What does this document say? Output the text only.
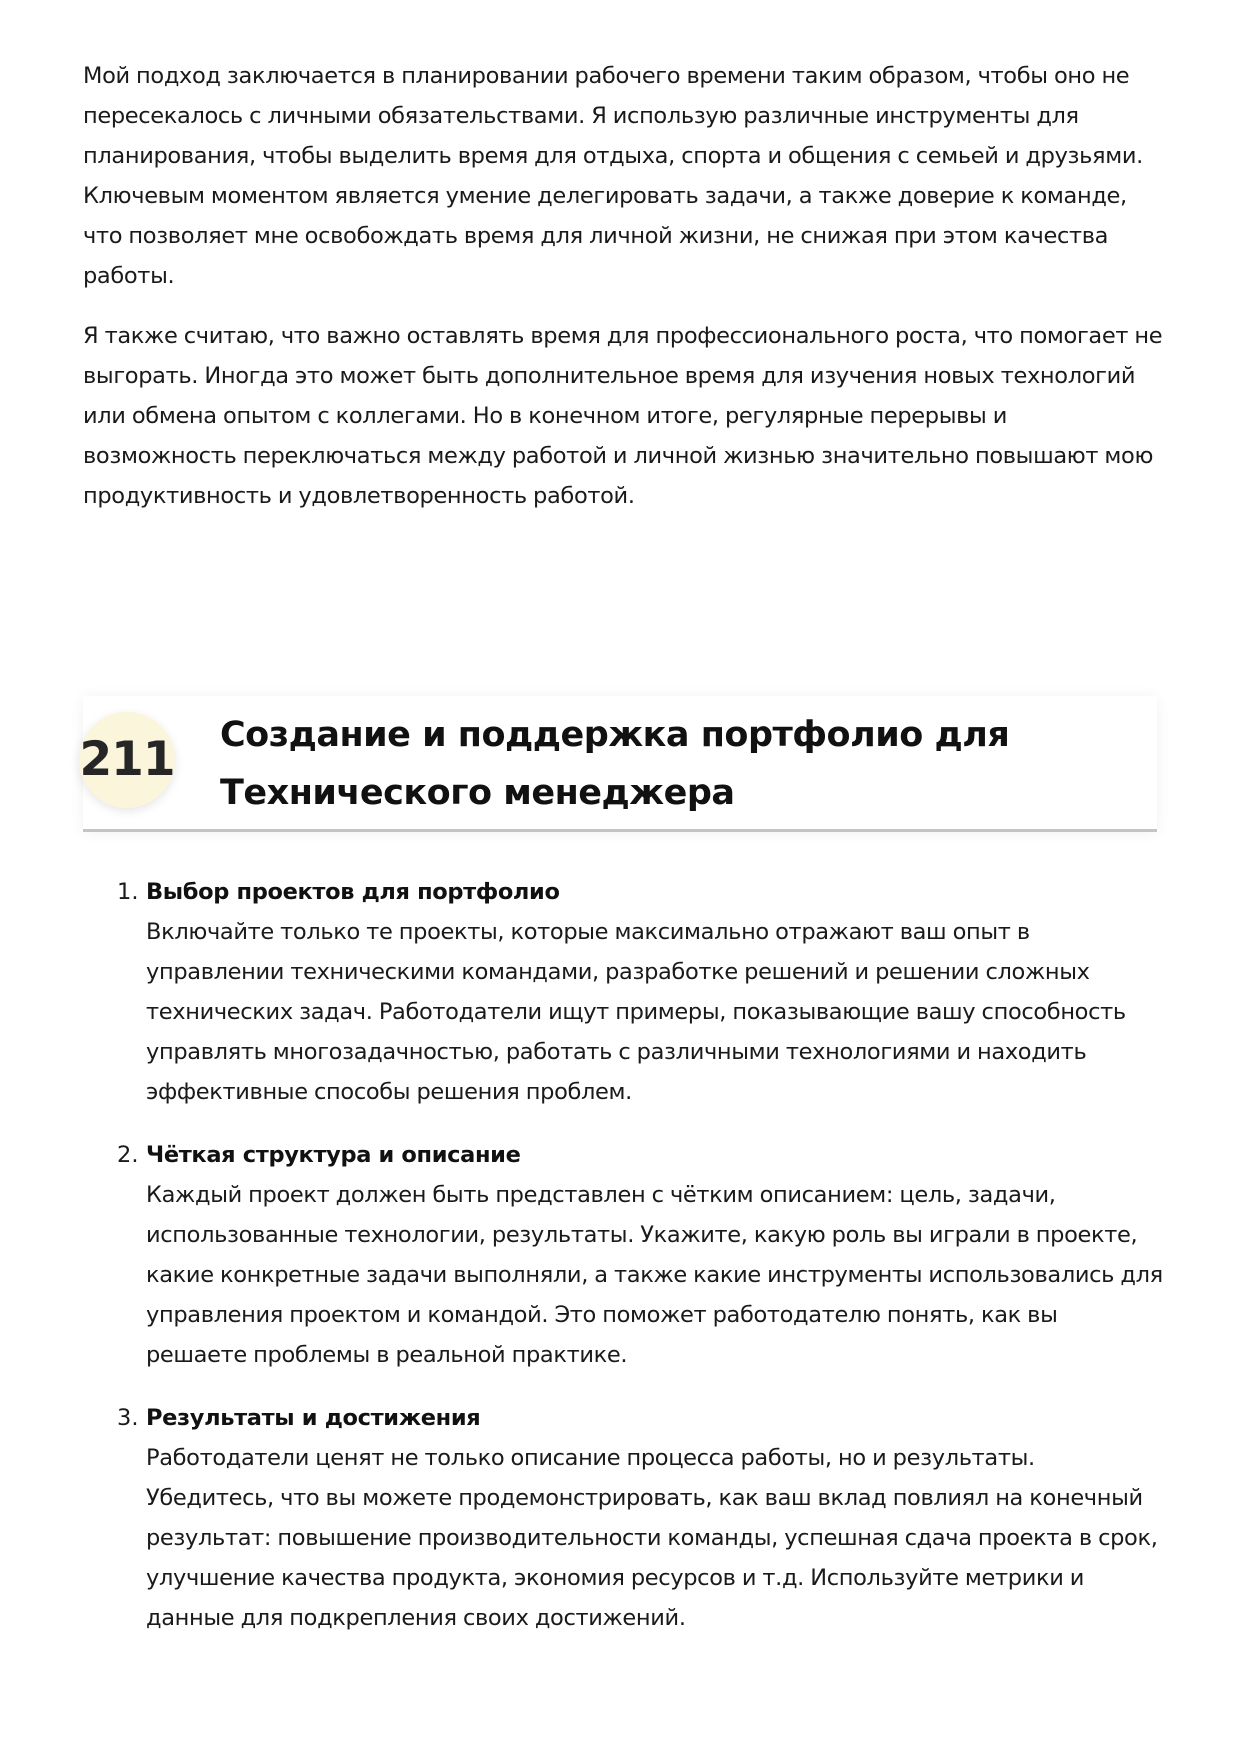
Мой подход заключается в планировании рабочего времени таким образом, чтобы оно не пересекалось с личными обязательствами. Я использую различные инструменты для планирования, чтобы выделить время для отдыха, спорта и общения с семьей и друзьями. Ключевым моментом является умение делегировать задачи, а также доверие к команде, что позволяет мне освобождать время для личной жизни, не снижая при этом качества работы.

Я также считаю, что важно оставлять время для профессионального роста, что помогает не выгорать. Иногда это может быть дополнительное время для изучения новых технологий или обмена опытом с коллегами. Но в конечном итоге, регулярные перерывы и возможность переключаться между работой и личной жизнью значительно повышают мою продуктивность и удовлетворенность работой.

211 Создание и поддержка портфолио для Технического менеджера
1. Выбор проектов для портфолио
Включайте только те проекты, которые максимально отражают ваш опыт в управлении техническими командами, разработке решений и решении сложных технических задач. Работодатели ищут примеры, показывающие вашу способность управлять многозадачностью, работать с различными технологиями и находить эффективные способы решения проблем.
2. Чёткая структура и описание
Каждый проект должен быть представлен с чётким описанием: цель, задачи, использованные технологии, результаты. Укажите, какую роль вы играли в проекте, какие конкретные задачи выполняли, а также какие инструменты использовались для управления проектом и командой. Это поможет работодателю понять, как вы решаете проблемы в реальной практике.
3. Результаты и достижения
Работодатели ценят не только описание процесса работы, но и результаты. Убедитесь, что вы можете продемонстрировать, как ваш вклад повлиял на конечный результат: повышение производительности команды, успешная сдача проекта в срок, улучшение качества продукта, экономия ресурсов и т.д. Используйте метрики и данные для подкрепления своих достижений.
